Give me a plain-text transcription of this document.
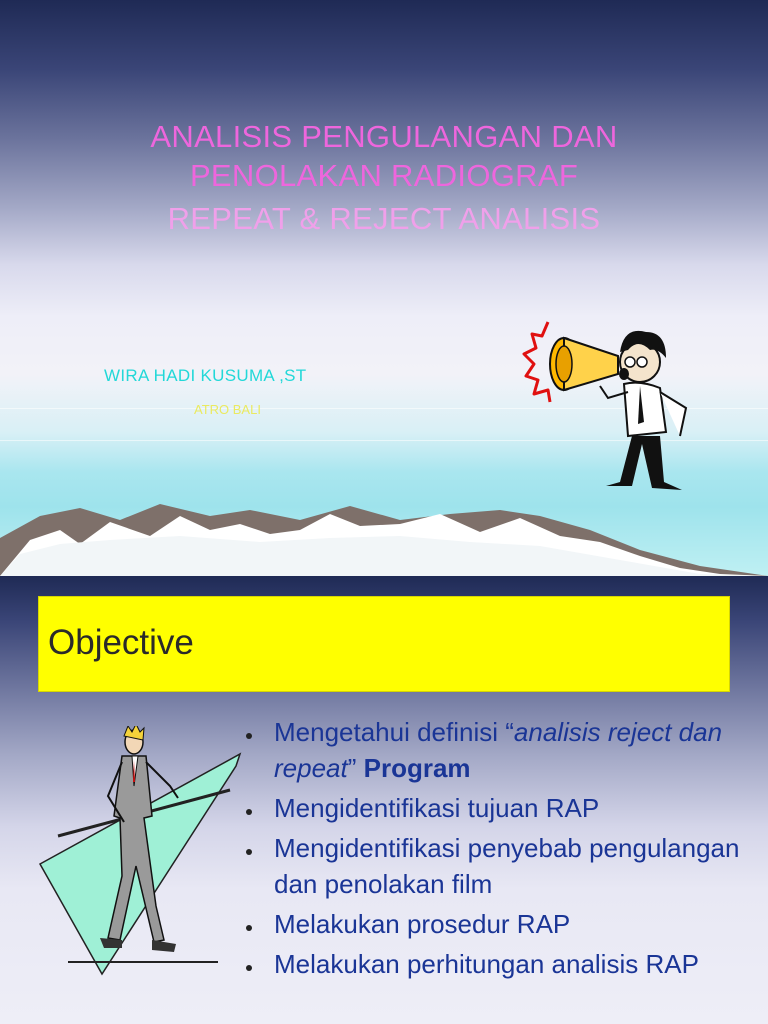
ANALISIS PENGULANGAN DAN
PENOLAKAN RADIOGRAF
REPEAT & REJECT ANALISIS
WIRA HADI KUSUMA ,ST
ATRO BALI
Objective
Mengetahui definisi “analisis reject dan repeat” Program
Mengidentifikasi tujuan RAP
Mengidentifikasi penyebab pengulangan dan penolakan film
Melakukan prosedur RAP
Melakukan perhitungan analisis RAP
